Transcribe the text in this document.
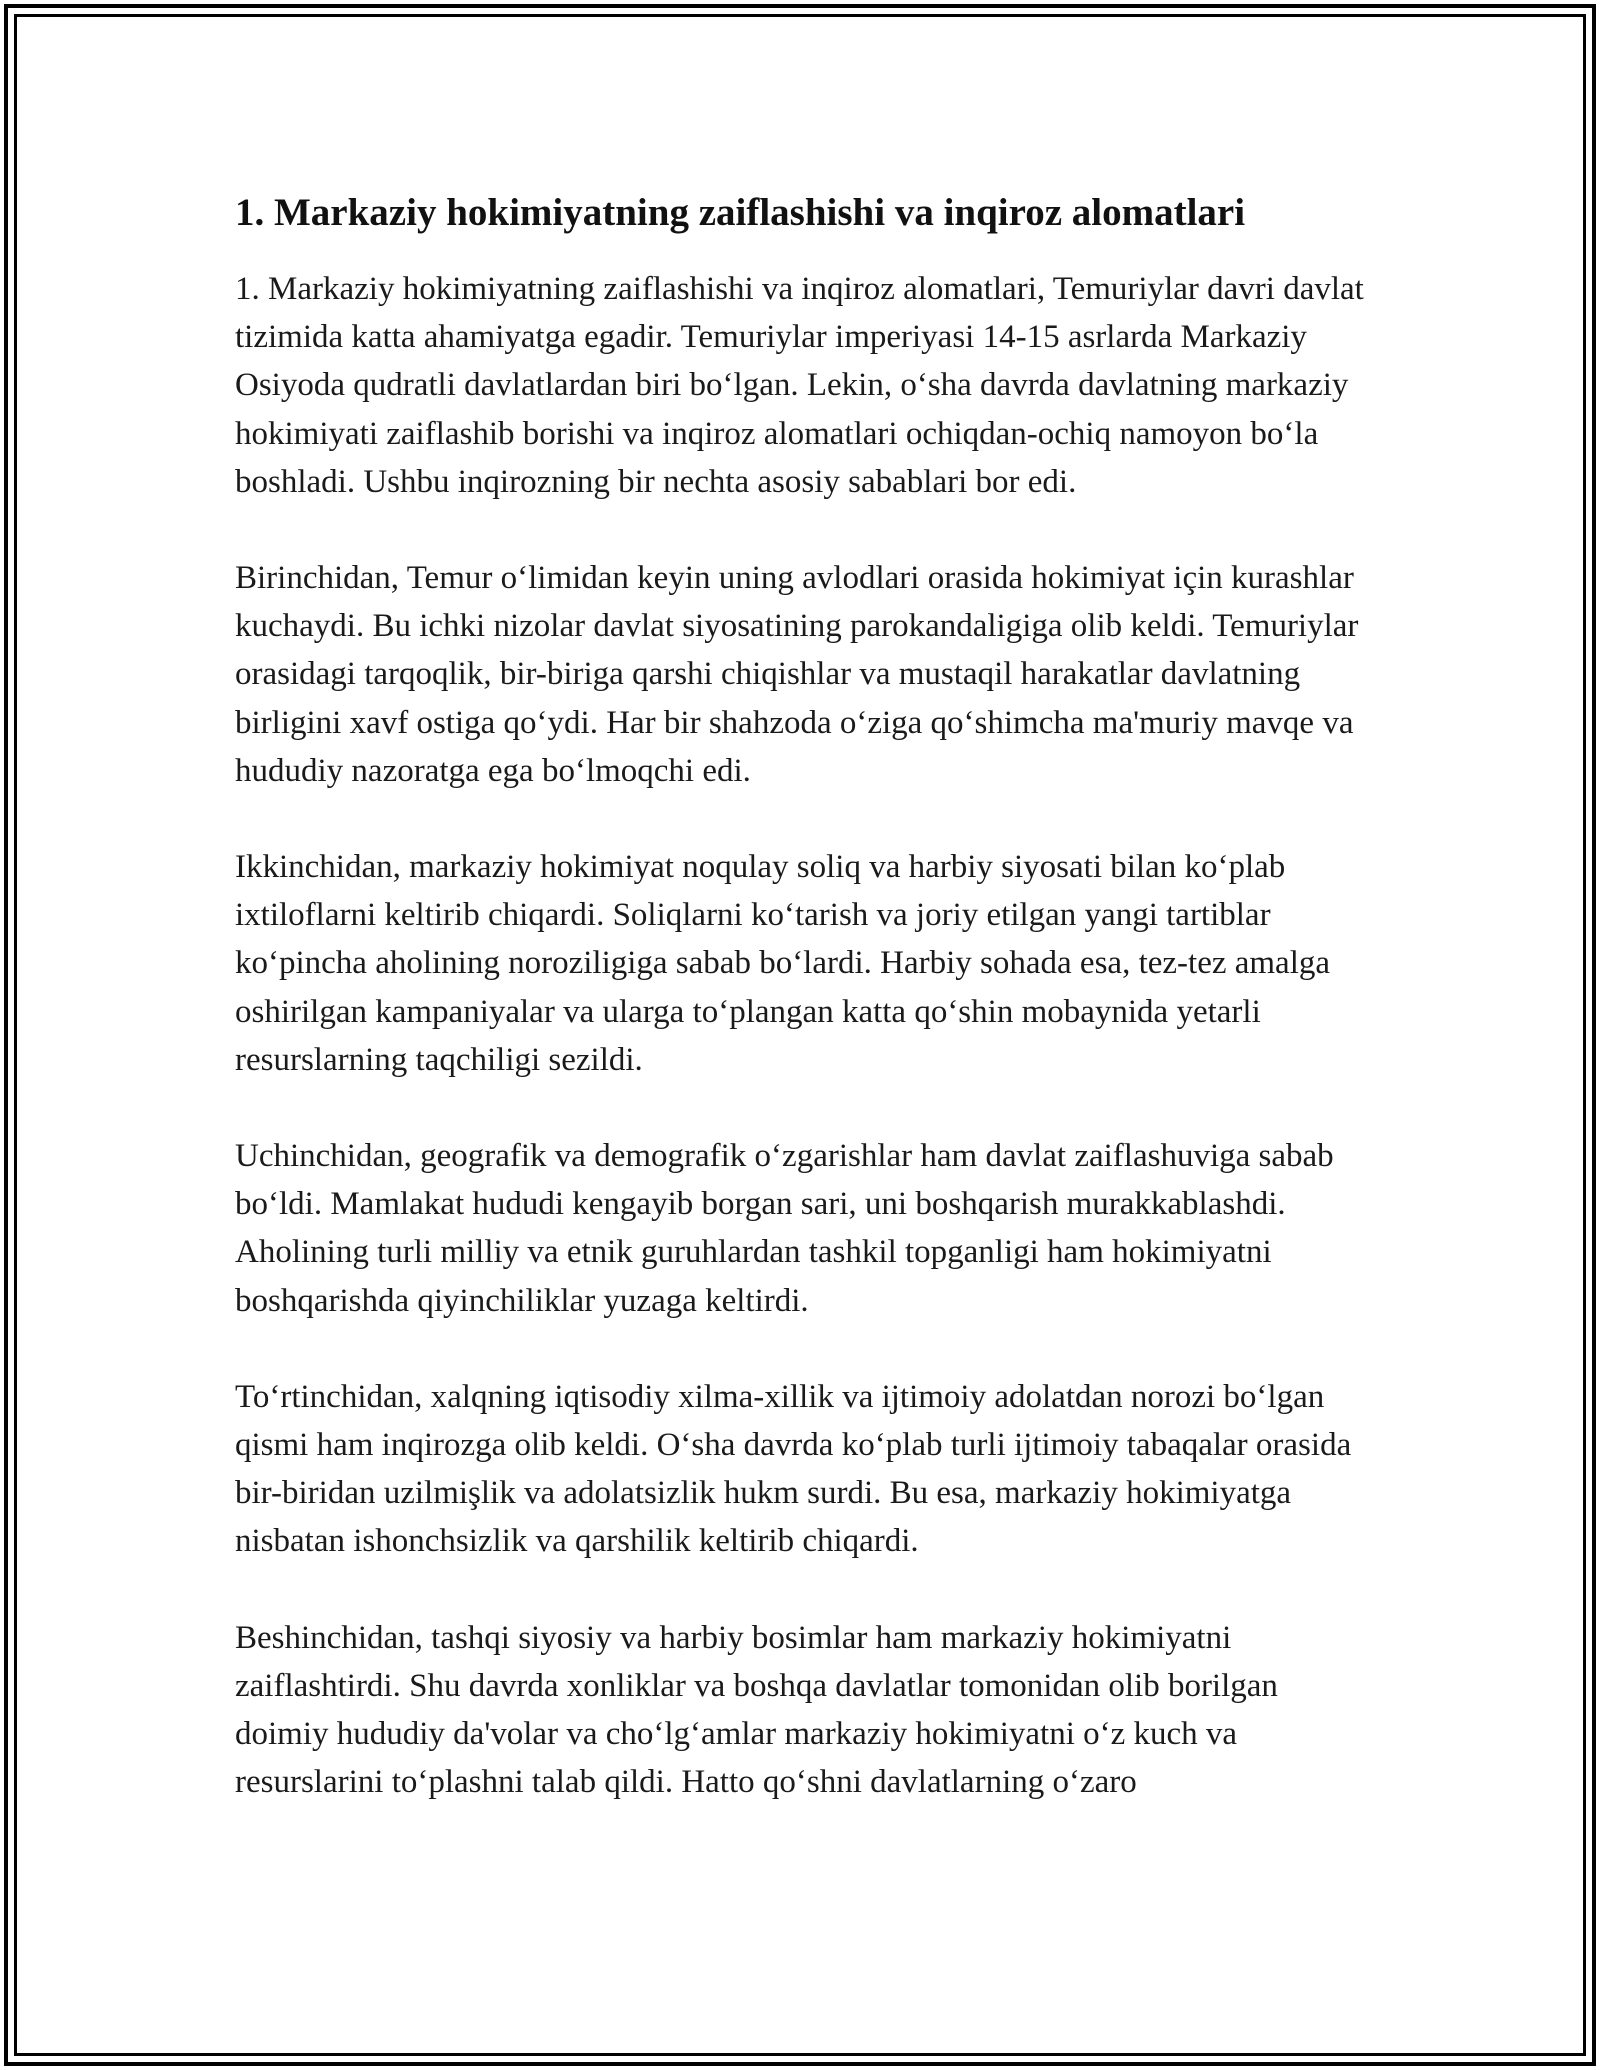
1. Markaziy hokimiyatning zaiflashishi va inqiroz alomatlari

1. Markaziy hokimiyatning zaiflashishi va inqiroz alomatlari, Temuriylar davri davlat tizimida katta ahamiyatga egadir. Temuriylar imperiyasi 14-15 asrlarda Markaziy Osiyoda qudratli davlatlardan biri bo‘lgan. Lekin, o‘sha davrda davlatning markaziy hokimiyati zaiflashib borishi va inqiroz alomatlari ochiqdan-ochiq namoyon bo‘la boshladi. Ushbu inqirozning bir nechta asosiy sabablari bor edi.

Birinchidan, Temur o‘limidan keyin uning avlodlari orasida hokimiyat için kurashlar kuchaydi. Bu ichki nizolar davlat siyosatining parokandaligiga olib keldi. Temuriylar orasidagi tarqoqlik, bir-biriga qarshi chiqishlar va mustaqil harakatlar davlatning birligini xavf ostiga qo‘ydi. Har bir shahzoda o‘ziga qo‘shimcha ma'muriy mavqe va hududiy nazoratga ega bo‘lmoqchi edi.

Ikkinchidan, markaziy hokimiyat noqulay soliq va harbiy siyosati bilan ko‘plab ixtiloflarni keltirib chiqardi. Soliqlarni ko‘tarish va joriy etilgan yangi tartiblar ko‘pincha aholining noroziligiga sabab bo‘lardi. Harbiy sohada esa, tez-tez amalga oshirilgan kampaniyalar va ularga to‘plangan katta qo‘shin mobaynida yetarli resurslarning taqchiligi sezildi.

Uchinchidan, geografik va demografik o‘zgarishlar ham davlat zaiflashuviga sabab bo‘ldi. Mamlakat hududi kengayib borgan sari, uni boshqarish murakkablashdi. Aholining turli milliy va etnik guruhlardan tashkil topganligi ham hokimiyatni boshqarishda qiyinchiliklar yuzaga keltirdi.

To‘rtinchidan, xalqning iqtisodiy xilma-xillik va ijtimoiy adolatdan norozi bo‘lgan qismi ham inqirozga olib keldi. O‘sha davrda ko‘plab turli ijtimoiy tabaqalar orasida bir-biridan uzilmişlik va adolatsizlik hukm surdi. Bu esa, markaziy hokimiyatga nisbatan ishonchsizlik va qarshilik keltirib chiqardi.

Beshinchidan, tashqi siyosiy va harbiy bosimlar ham markaziy hokimiyatni zaiflashtirdi. Shu davrda xonliklar va boshqa davlatlar tomonidan olib borilgan doimiy hududiy da'volar va cho‘lg‘amlar markaziy hokimiyatni o‘z kuch va resurslarini to‘plashni talab qildi. Hatto qo‘shni davlatlarning o‘zaro
